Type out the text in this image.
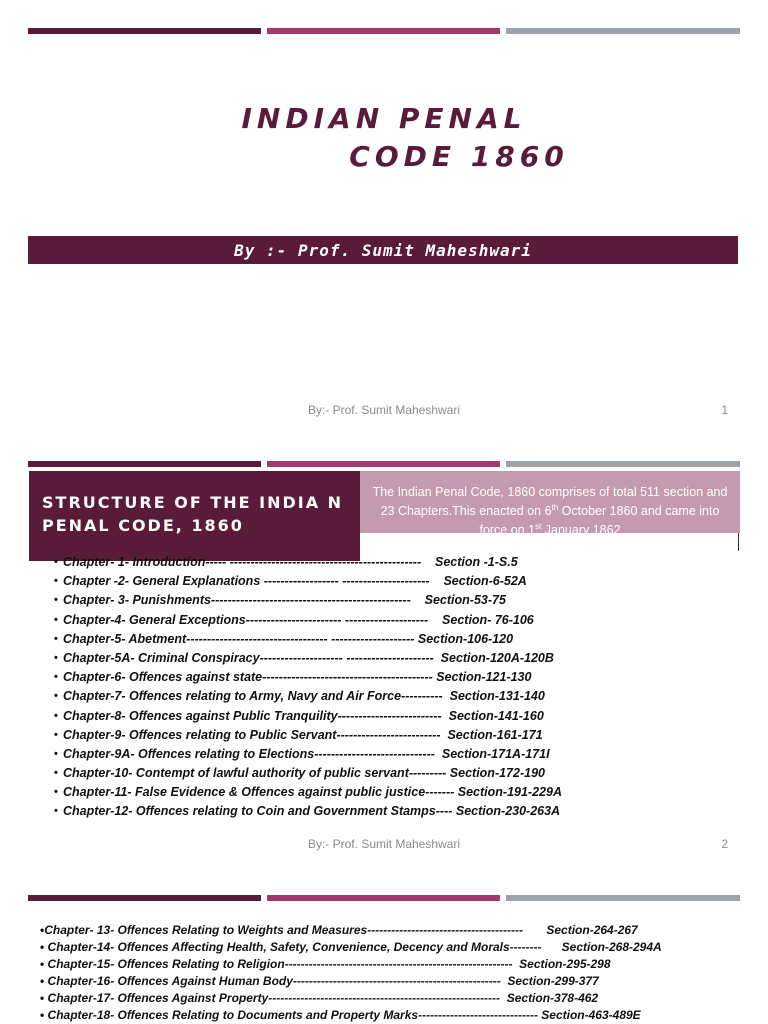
INDIAN PENAL
CODE 1860
By :- Prof. Sumit Maheshwari
By:- Prof. Sumit Maheshwari	1
STRUCTURE OF THE INDIA N PENAL CODE, 1860
The Indian Penal Code, 1860 comprises of total 511 section and 23 Chapters.This enacted on 6th October 1860 and came into force on 1st January 1862
• Chapter- 1- Introduction----- ----------------------------------------------    Section -1-S.5
• Chapter -2- General Explanations ------------------ ---------------------    Section-6-52A
• Chapter- 3- Punishments------------------------------------------------    Section-53-75
• Chapter-4- General Exceptions----------------------- --------------------    Section- 76-106
• Chapter-5- Abetment---------------------------------- -------------------- Section-106-120
• Chapter-5A- Criminal Conspiracy-------------------- ---------------------  Section-120A-120B
• Chapter-6- Offences against state----------------------------------------- Section-121-130
• Chapter-7- Offences relating to Army, Navy and Air Force----------  Section-131-140
• Chapter-8- Offences against Public Tranquility-------------------------  Section-141-160
• Chapter-9- Offences relating to Public Servant-------------------------  Section-161-171
• Chapter-9A- Offences relating to Elections-----------------------------  Section-171A-171I
• Chapter-10- Contempt of lawful authority of public servant--------- Section-172-190
• Chapter-11- False Evidence & Offences against public justice------- Section-191-229A
• Chapter-12- Offences relating to Coin and Government Stamps---- Section-230-263A
By:- Prof. Sumit Maheshwari	2
•Chapter- 13- Offences Relating to Weights and Measures---------------------------------------       Section-264-267
• Chapter-14- Offences Affecting Health, Safety, Convenience, Decency and Morals--------      Section-268-294A
• Chapter-15- Offences Relating to Religion---------------------------------------------------------  Section-295-298
• Chapter-16- Offences Against Human Body----------------------------------------------------  Section-299-377
• Chapter-17- Offences Against Property----------------------------------------------------------  Section-378-462
• Chapter-18- Offences Relating to Documents and Property Marks------------------------------ Section-463-489E
